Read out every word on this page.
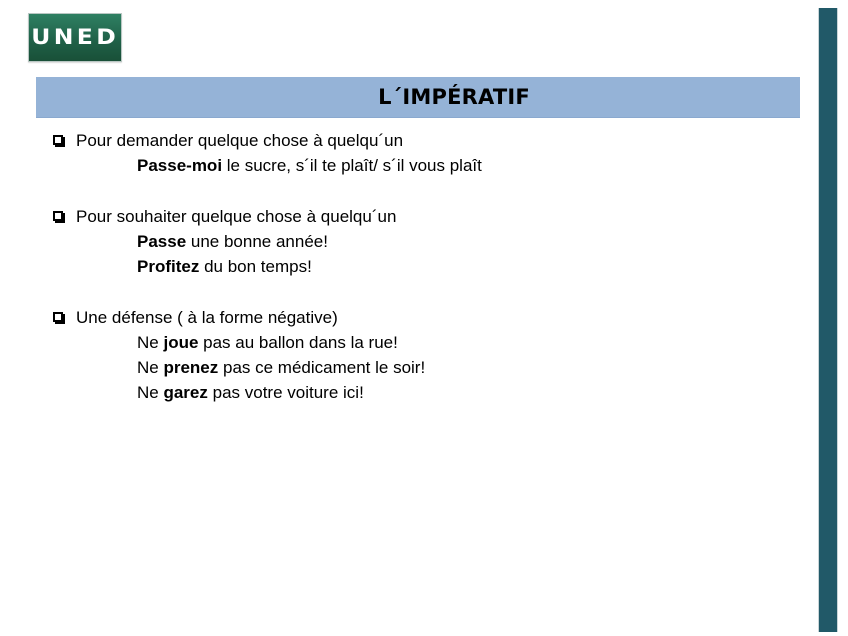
UNED
L´IMPÉRATIF
Pour demander quelque chose à quelqu´un
Passe-moi le sucre, s´il te plaît/ s´il vous plaît
Pour souhaiter quelque chose à quelqu´un
Passe une bonne année!
Profitez du bon temps!
Une défense ( à la forme négative)
Ne joue pas au ballon dans la rue!
Ne prenez pas ce médicament le soir!
Ne garez pas votre voiture ici!
